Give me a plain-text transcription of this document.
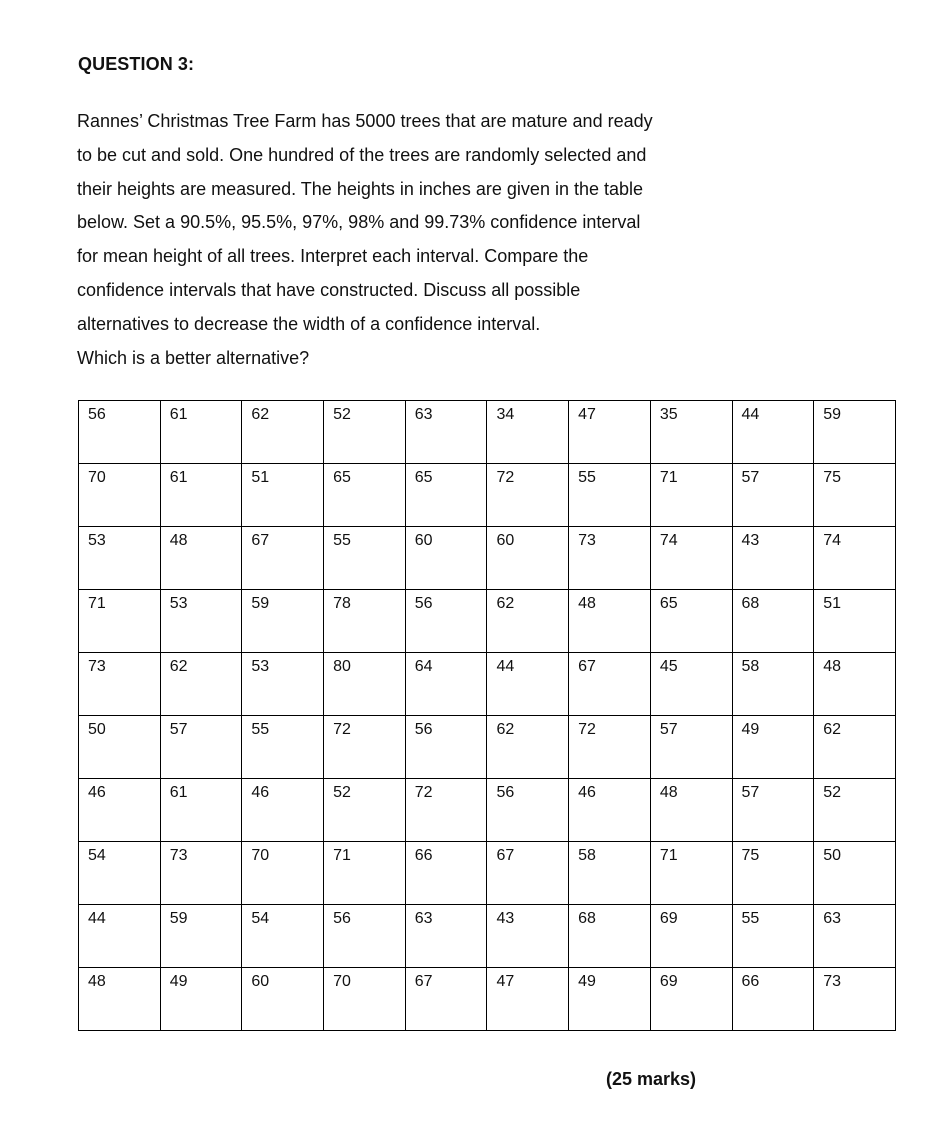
QUESTION 3:
Rannes’ Christmas Tree Farm has 5000 trees that are mature and ready
to be cut and sold. One hundred of the trees are randomly selected and
their heights are measured. The heights in inches are given in the table
below. Set a 90.5%, 95.5%, 97%, 98% and 99.73% confidence interval
for mean height of all trees. Interpret each interval. Compare the
confidence intervals that have constructed. Discuss all possible
alternatives to decrease the width of a confidence interval.
Which is a better alternative?
56	61	62	52	63	34	47	35	44	59

70	61	51	65	65	72	55	71	57	75

53	48	67	55	60	60	73	74	43	74

71	53	59	78	56	62	48	65	68	51

73	62	53	80	64	44	67	45	58	48

50	57	55	72	56	62	72	57	49	62

46	61	46	52	72	56	46	48	57	52

54	73	70	71	66	67	58	71	75	50

44	59	54	56	63	43	68	69	55	63

48	49	60	70	67	47	49	69	66	73
(25 marks)
